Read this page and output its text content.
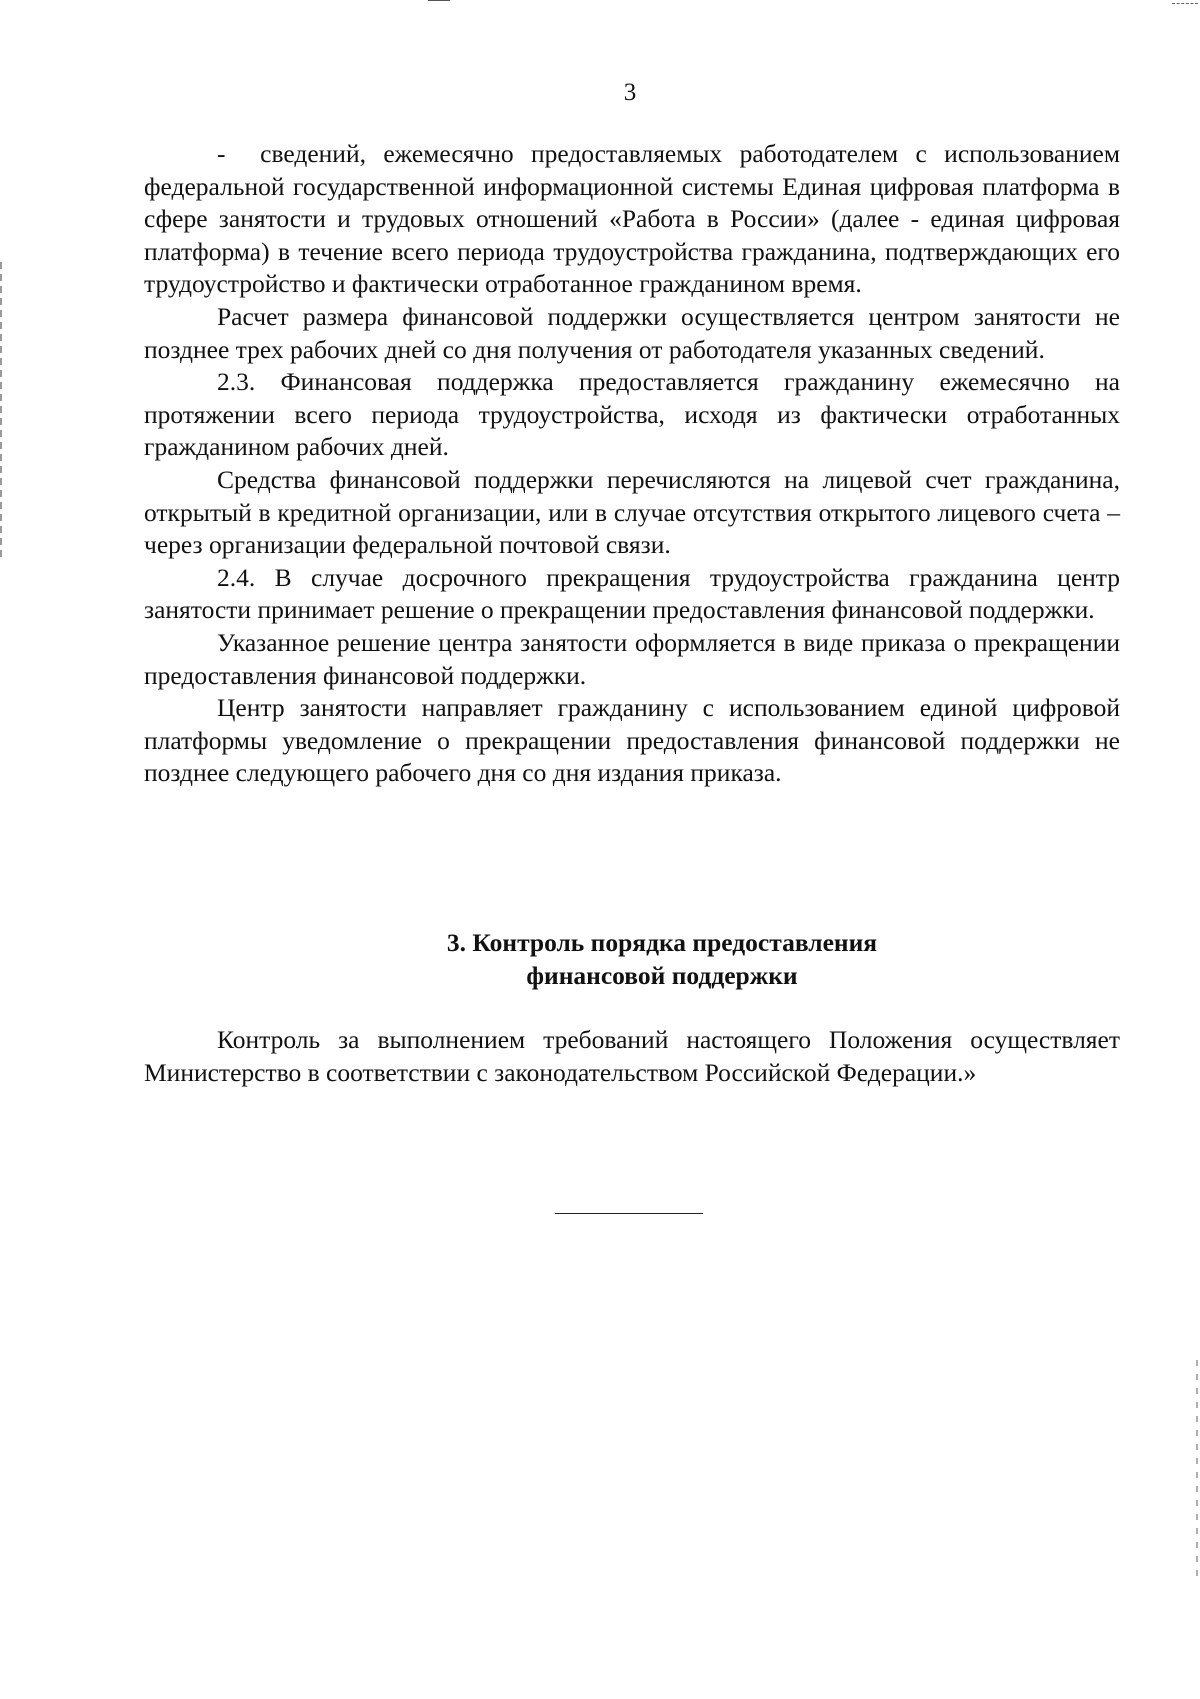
3

-  сведений, ежемесячно предоставляемых работодателем с использованием федеральной государственной информационной системы Единая цифровая платформа в сфере занятости и трудовых отношений «Работа в России» (далее - единая цифровая платформа) в течение всего периода трудоустройства гражданина, подтверждающих его трудоустройство и фактически отработанное гражданином время.

Расчет размера финансовой поддержки осуществляется центром занятости не позднее трех рабочих дней со дня получения от работодателя указанных сведений.

2.3. Финансовая поддержка предоставляется гражданину ежемесячно на протяжении всего периода трудоустройства, исходя из фактически отработанных гражданином рабочих дней.

Средства финансовой поддержки перечисляются на лицевой счет гражданина, открытый в кредитной организации, или в случае отсутствия открытого лицевого счета – через организации федеральной почтовой связи.

2.4. В случае досрочного прекращения трудоустройства гражданина центр занятости принимает решение о прекращении предоставления финансовой поддержки.

Указанное решение центра занятости оформляется в виде приказа о прекращении предоставления финансовой поддержки.

Центр занятости направляет гражданину с использованием единой цифровой платформы уведомление о прекращении предоставления финансовой поддержки не позднее следующего рабочего дня со дня издания приказа.

3. Контроль порядка предоставления
финансовой поддержки

Контроль за выполнением требований настоящего Положения осуществляет Министерство в соответствии с законодательством Российской Федерации.»
